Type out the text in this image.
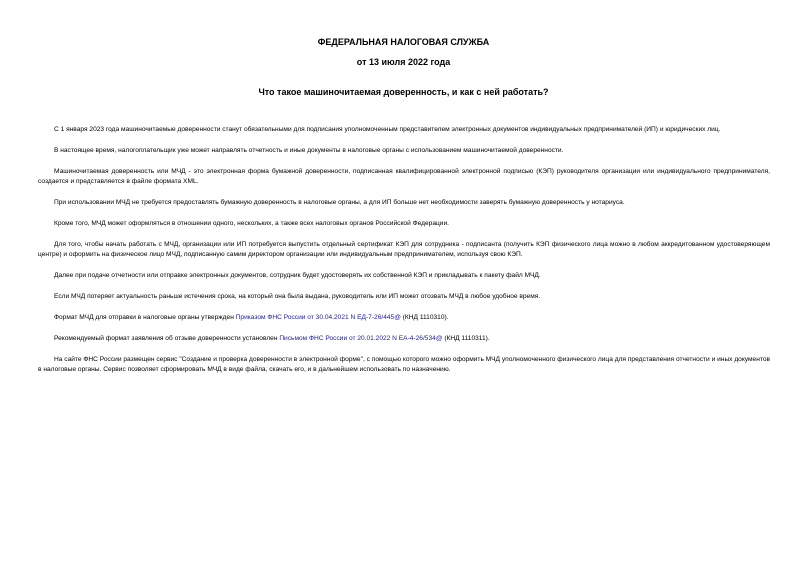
ФЕДЕРАЛЬНАЯ НАЛОГОВАЯ СЛУЖБА
от 13 июля 2022 года
Что такое машиночитаемая доверенность, и как с ней работать?

С 1 января 2023 года машиночитаемые доверенности станут обязательными для подписания уполномоченным представителем электронных документов индивидуальных предпринимателей (ИП) и юридических лиц.

В настоящее время, налогоплательщик уже может направлять отчетность и иные документы в налоговые органы с использованием машиночитаемой доверенности.

Машиночитаемая доверенность или МЧД - это электронная форма бумажной доверенности, подписанная квалифицированной электронной подписью (КЭП) руководителя организации или индивидуального предпринимателя, создается и представляется в файле формата XML.

При использовании МЧД не требуется предоставлять бумажную доверенность в налоговые органы, а для ИП больше нет необходимости заверять бумажную доверенность у нотариуса.

Кроме того, МЧД может оформляться в отношении одного, нескольких, а также всех налоговых органов Российской Федерации.

Для того, чтобы начать работать с МЧД, организации или ИП потребуется выпустить отдельный сертификат КЭП для сотрудника - подписанта (получить КЭП физического лица можно в любом аккредитованном удостоверяющем центре) и оформить на физическое лицо МЧД, подписанную самим директором организации или индивидуальным предпринимателем, используя свою КЭП.

Далее при подаче отчетности или отправке электронных документов, сотрудник будет удостоверять их собственной КЭП и прикладывать к пакету файл МЧД.

Если МЧД потеряет актуальность раньше истечения срока, на который она была выдана, руководитель или ИП может отозвать МЧД в любое удобное время.

Формат МЧД для отправки в налоговые органы утвержден Приказом ФНС России от 30.04.2021 N ЕД-7-26/445@ (КНД 1110310).

Рекомендуемый формат заявления об отзыве доверенности установлен Письмом ФНС России от 20.01.2022 N ЕА-4-26/534@ (КНД 1110311).

На сайте ФНС России размещен сервис "Создание и проверка доверенности в электронной форме", с помощью которого можно оформить МЧД уполномоченного физического лица для представления отчетности и иных документов в налоговые органы. Сервис позволяет сформировать МЧД в виде файла, скачать его, и в дальнейшем использовать по назначению.
